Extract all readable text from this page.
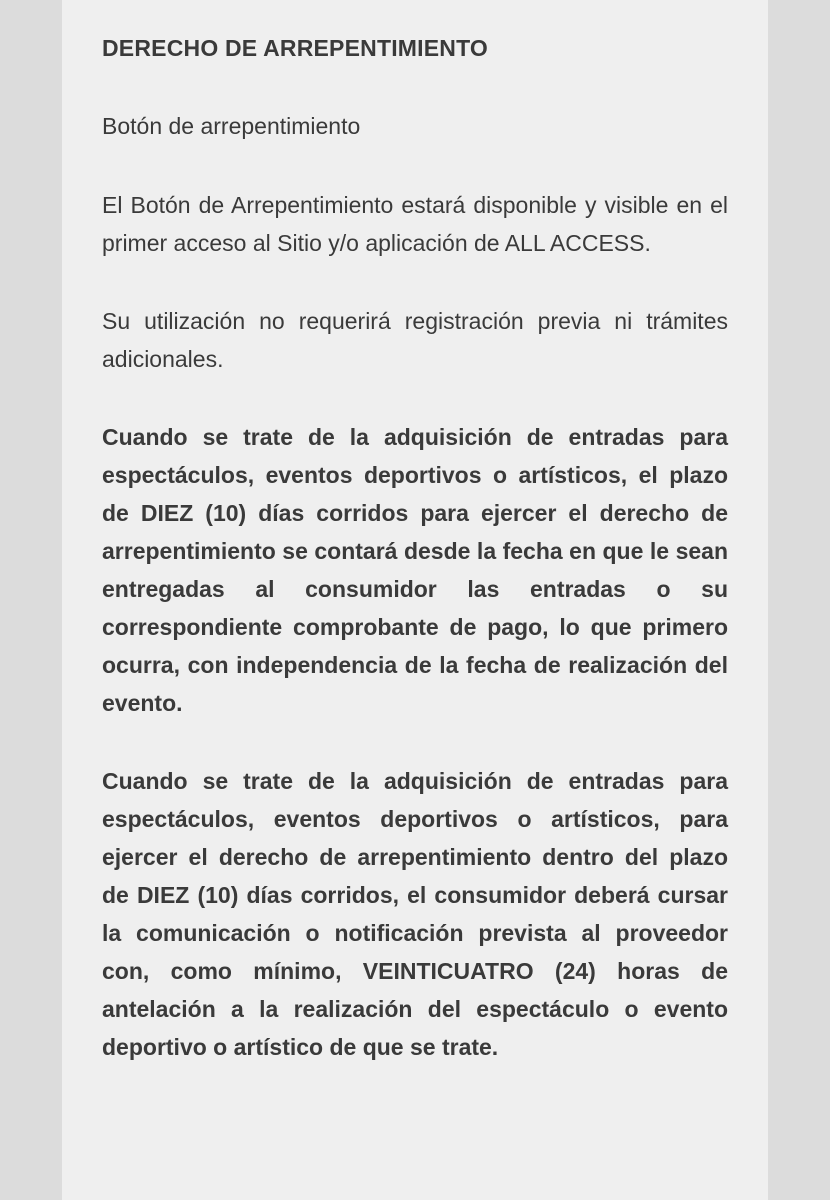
DERECHO DE ARREPENTIMIENTO
Botón de arrepentimiento

El Botón de Arrepentimiento estará disponible y visible en el primer acceso al Sitio y/o aplicación de ALL ACCESS.

Su utilización no requerirá registración previa ni trámites adicionales.

Cuando se trate de la adquisición de entradas para espectáculos, eventos deportivos o artísticos, el plazo de DIEZ (10) días corridos para ejercer el derecho de arrepentimiento se contará desde la fecha en que le sean entregadas al consumidor las entradas o su correspondiente comprobante de pago, lo que primero ocurra, con independencia de la fecha de realización del evento.

Cuando se trate de la adquisición de entradas para espectáculos, eventos deportivos o artísticos, para ejercer el derecho de arrepentimiento dentro del plazo de DIEZ (10) días corridos, el consumidor deberá cursar la comunicación o notificación prevista al proveedor con, como mínimo, VEINTICUATRO (24) horas de antelación a la realización del espectáculo o evento deportivo o artístico de que se trate.
